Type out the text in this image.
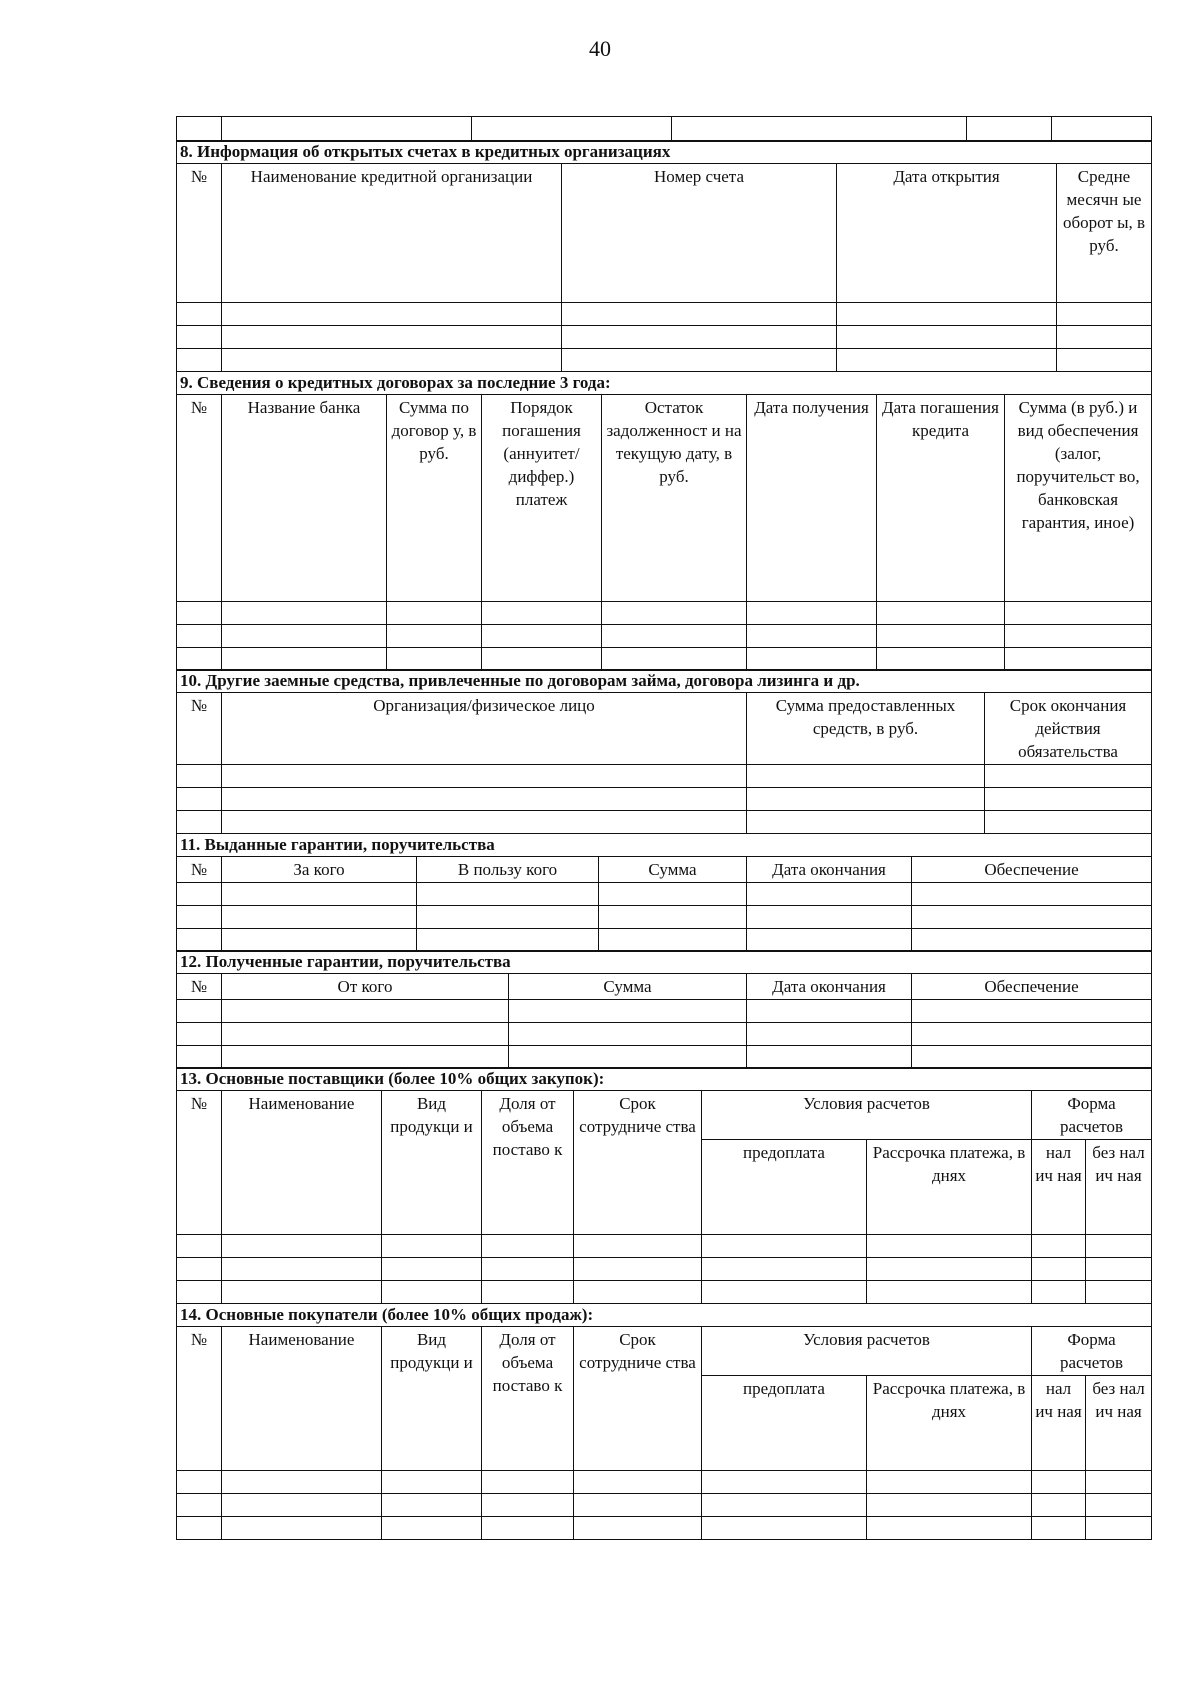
40

8. Информация об открытых счетах в кредитных организациях				
№	Наименование кредитной организации	Номер счета	Дата открытия	Средне месячн ые оборот ы, в руб.

9. Сведения о кредитных договорах за последние 3 года:							
№	Название банка	Сумма по договор у, в руб.	Порядок погашения (аннуитет/ диффер.) платеж	Остаток задолженност и на текущую дату, в руб.	Дата получения	Дата погашения кредита	Сумма (в руб.) и вид обеспечения (залог, поручительст во, банковская гарантия, иное)

10. Другие заемные средства, привлеченные по договорам займа, договора лизинга и др.			
№	Организация/физическое лицо	Сумма предоставленных средств, в руб.	Срок окончания действия обязательства

11. Выданные гарантии, поручительства					
№	За кого	В пользу кого	Сумма	Дата окончания	Обеспечение

12. Полученные гарантии, поручительства				
№	От кого	Сумма	Дата окончания	Обеспечение

13. Основные поставщики (более 10% общих закупок):								
№	Наименование	Вид продукци и	Доля от объема поставо к	Срок сотрудниче ства	Условия расчетов		Форма расчетов	
					предоплата	Рассрочка платежа, в днях	нал ич ная	без нал ич ная

14. Основные покупатели (более 10% общих продаж):								
№	Наименование	Вид продукци и	Доля от объема поставо к	Срок сотрудниче ства	Условия расчетов		Форма расчетов	
					предоплата	Рассрочка платежа, в днях	нал ич ная	без нал ич ная
